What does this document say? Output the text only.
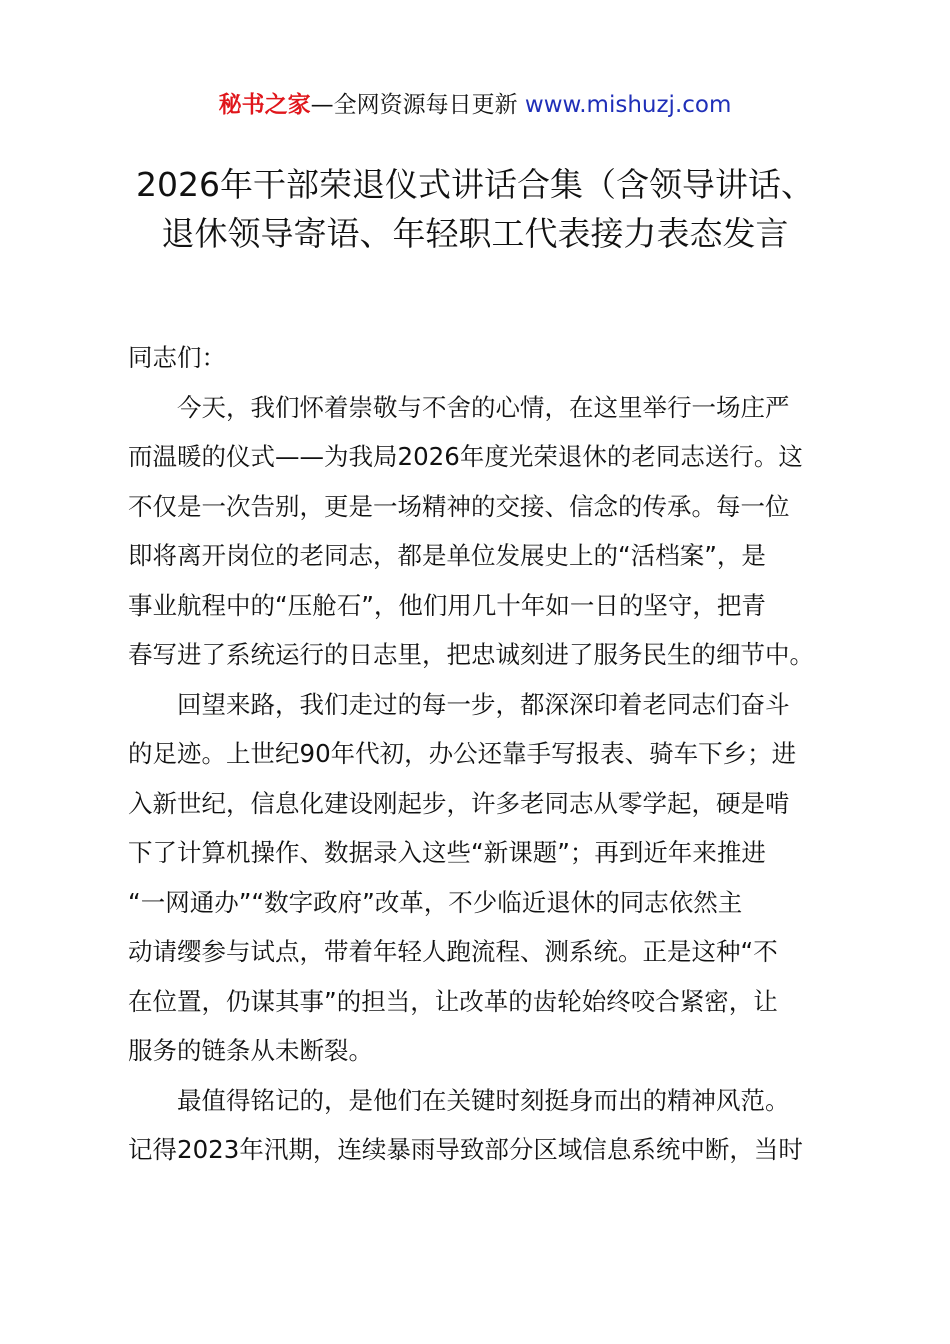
秘书之家—全网资源每日更新 www.mishuzj.com
2026年干部荣退仪式讲话合集（含领导讲话、
退休领导寄语、年轻职工代表接力表态发言
同志们：
今天，我们怀着崇敬与不舍的心情，在这里举行一场庄严
而温暖的仪式——为我局2026年度光荣退休的老同志送行。这
不仅是一次告别，更是一场精神的交接、信念的传承。每一位
即将离开岗位的老同志，都是单位发展史上的“活档案”，是
事业航程中的“压舱石”，他们用几十年如一日的坚守，把青
春写进了系统运行的日志里，把忠诚刻进了服务民生的细节中。
回望来路，我们走过的每一步，都深深印着老同志们奋斗
的足迹。上世纪90年代初，办公还靠手写报表、骑车下乡；进
入新世纪，信息化建设刚起步，许多老同志从零学起，硬是啃
下了计算机操作、数据录入这些“新课题”；再到近年来推进
“一网通办”“数字政府”改革，不少临近退休的同志依然主
动请缨参与试点，带着年轻人跑流程、测系统。正是这种“不
在位置，仍谋其事”的担当，让改革的齿轮始终咬合紧密，让
服务的链条从未断裂。
最值得铭记的，是他们在关键时刻挺身而出的精神风范。
记得2023年汛期，连续暴雨导致部分区域信息系统中断，当时
